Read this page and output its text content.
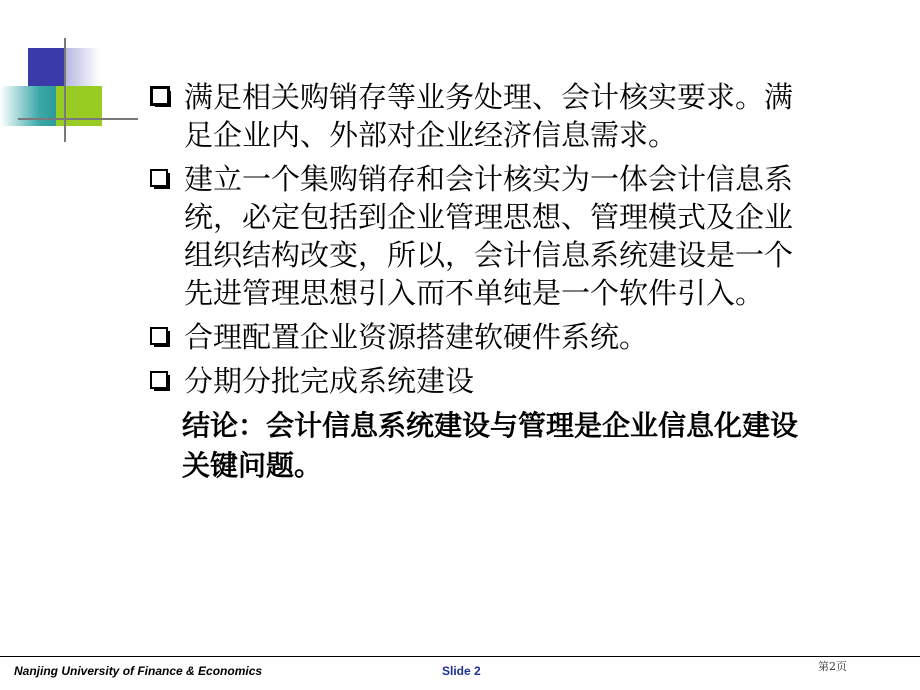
满足相关购销存等业务处理、会计核实要求。满足企业内、外部对企业经济信息需求。
建立一个集购销存和会计核实为一体会计信息系统，必定包括到企业管理思想、管理模式及企业组织结构改变，所以，会计信息系统建设是一个先进管理思想引入而不单纯是一个软件引入。
合理配置企业资源搭建软硬件系统。
分期分批完成系统建设
结论：会计信息系统建设与管理是企业信息化建设关键问题。
Nanjing University of Finance & Economics	Slide 2	第2页
